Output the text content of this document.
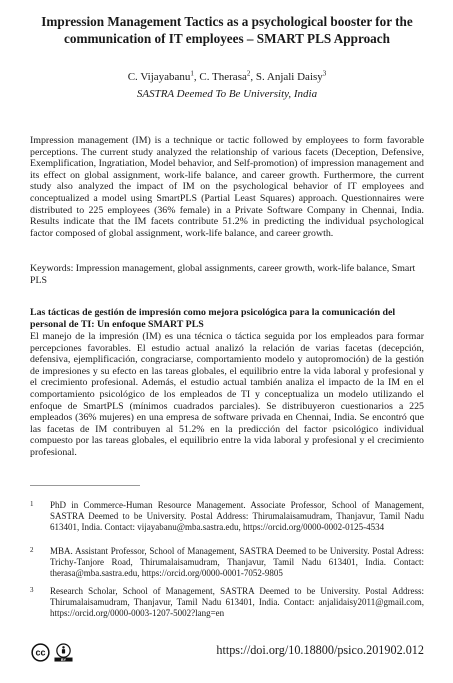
Impression Management Tactics as a psychological booster for the communication of IT employees – SMART PLS Approach
C. Vijayabanu$^1$, C. Therasa$^2$, S. Anjali Daisy$^3$
SASTRA Deemed To Be University, India
Impression management (IM) is a technique or tactic followed by employees to form favorable perceptions. The current study analyzed the relationship of various facets (Deception, Defensive, Exemplification, Ingratiation, Model behavior, and Self-promotion) of impression management and its effect on global assignment, work-life balance, and career growth. Furthermore, the current study also analyzed the impact of IM on the psychological behavior of IT employees and conceptualized a model using SmartPLS (Partial Least Squares) approach. Questionnaires were distributed to 225 employees (36% female) in a Private Software Company in Chennai, India. Results indicate that the IM facets contribute 51.2% in predicting the individual psychological factor composed of global assignment, work-life balance, and career growth.
Keywords: Impression management, global assignments, career growth, work-life balance, Smart PLS
Las tácticas de gestión de impresión como mejora psicológica para la comunicación del personal de TI: Un enfoque SMART PLS
El manejo de la impresión (IM) es una técnica o táctica seguida por los empleados para formar percepciones favorables. El estudio actual analizó la relación de varias facetas (decepción, defensiva, ejemplificación, congraciarse, comportamiento modelo y autopromoción) de la gestión de impresiones y su efecto en las tareas globales, el equilibrio entre la vida laboral y profesional y el crecimiento profesional. Además, el estudio actual también analiza el impacto de la IM en el comportamiento psicológico de los empleados de TI y conceptualiza un modelo utilizando el enfoque de SmartPLS (mínimos cuadrados parciales). Se distribuyeron cuestionarios a 225 empleados (36% mujeres) en una empresa de software privada en Chennai, India. Se encontró que las facetas de IM contribuyen al 51.2% en la predicción del factor psicológico individual compuesto por las tareas globales, el equilibrio entre la vida laboral y profesional y el crecimiento profesional.
1 PhD in Commerce-Human Resource Management. Associate Professor, School of Management, SASTRA Deemed to be University. Postal Address: Thirumalaisamudram, Thanjavur, Tamil Nadu 613401, India. Contact: vijayabanu@mba.sastra.edu, https://orcid.org/0000-0002-0125-4534
2 MBA. Assistant Professor, School of Management, SASTRA Deemed to be University. Postal Adress: Trichy-Tanjore Road, Thirumalaisamudram, Thanjavur, Tamil Nadu 613401, India. Contact: therasa@mba.sastra.edu, https://orcid.org/0000-0001-7052-9805
3 Research Scholar, School of Management, SASTRA Deemed to be University. Postal Address: Thirumalaisamudram, Thanjavur, Tamil Nadu 613401, India. Contact: anjalidaisy2011@gmail.com, https://orcid.org/0000-0003-1207-5002?lang=en
cc
BY
https://doi.org/10.18800/psico.201902.012
